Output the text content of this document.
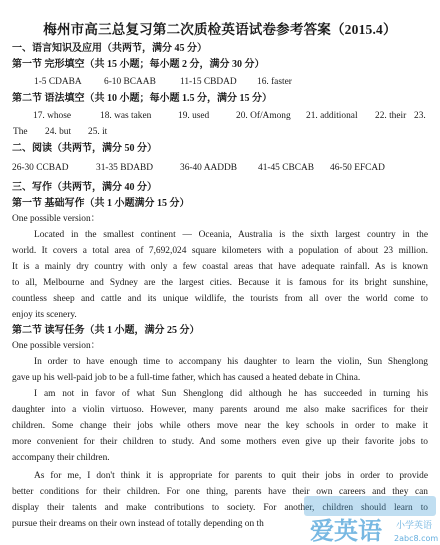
梅州市高三总复习第二次质检英语试卷参考答案（2015.4）
一、语言知识及应用（共两节，满分 45 分）
第一节 完形填空（共 15 小题；每小题 2 分，满分 30 分）
1-5 CDABA 6-10 BCAAB	11-15 CBDAD 16. faster
第二节 语法填空（共 10 小题；每小题 1.5 分，满分 15 分）
17. whose	18. was taken	19. used	20. Of/Among 21. additional 22. their 23.
The 24. but 25. it
二、阅读（共两节，满分 50 分）
26-30 CCBAD	31-35 BDABD	36-40 AADDB 41-45 CBCAB 46-50 EFCAD
三、写作（共两节，满分 40 分）
第一节 基础写作（共 1 小题满分 15 分）
One possible version：
Located in the smallest continent — Oceania, Australia is the sixth largest country in the
world. It covers a total area of 7,692,024 square kilometers with a population of about 23 million.
It is a mainly dry country with only a few coastal areas that have adequate rainfall. As is known
to all, Melbourne and Sydney are the largest cities. Because it is famous for its bright sunshine,
countless sheep and cattle and its unique wildlife, the tourists from all over the world come to
enjoy its scenery.
第二节 读写任务（共 1 小题，满分 25 分）
One possible version：
In order to have enough time to accompany his daughter to learn the violin, Sun Shenglong
gave up his well-paid job to be a full-time father, which has caused a heated debate in China.
I am not in favor of what Sun Shenglong did although he has succeeded in turning his
daughter into a violin virtuoso. However, many parents around me also make sacrifices for their
children. Some change their jobs while others move near the key schools in order to make it
more convenient for their children to study. And some mothers even give up their favorite jobs to
accompany their children.
As for me, I don't think it is appropriate for parents to quit their jobs in order to provide
better conditions for their children. For one thing, parents have their own careers and they can
display their talents and make contributions to society. For another, children should learn to
pursue their dreams on their own instead of totally depending on th 爱英语 小学英语
2abc8.com
